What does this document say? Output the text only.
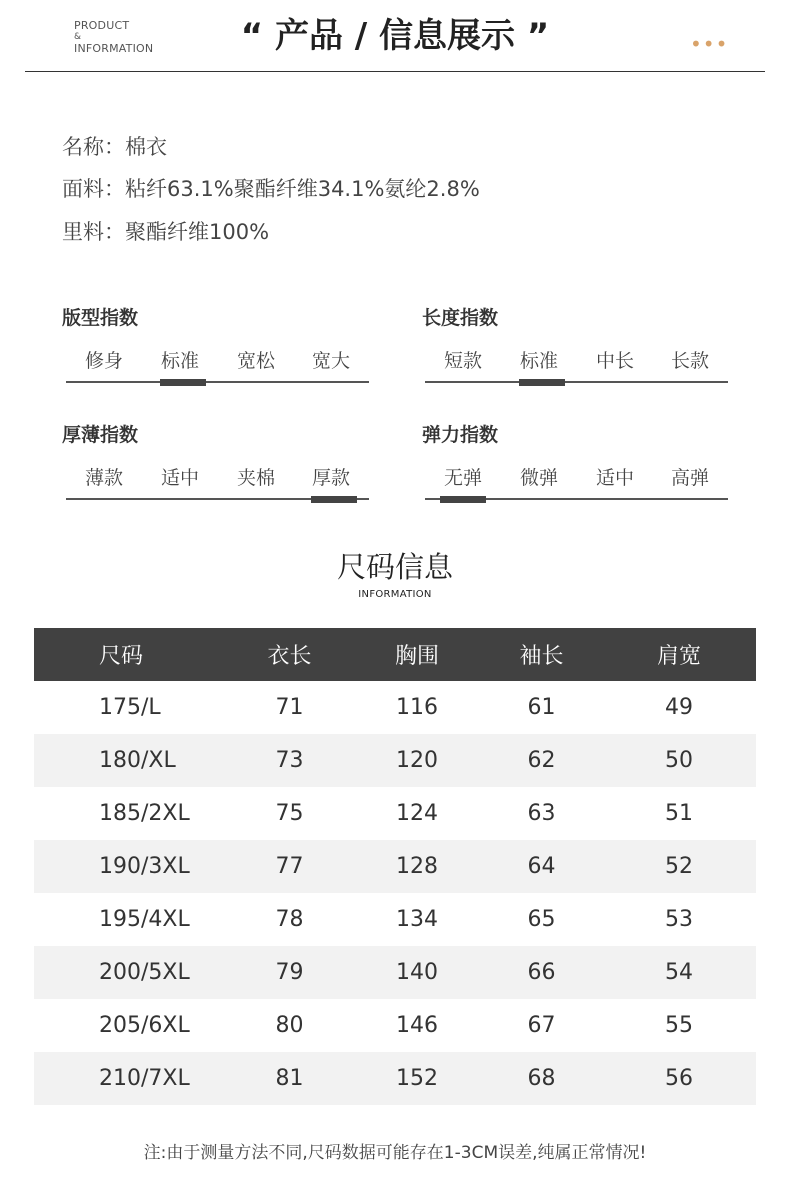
PRODUCT
&
INFORMATION	“ 产品 / 信息展示 ”	•••
名称：棉衣
面料：粘纤63.1%聚酯纤维34.1%氨纶2.8%
里料：聚酯纤维100%
版型指数
修身	标准	宽松	宽大
长度指数
短款	标准	中长	长款
厚薄指数
薄款	适中	夹棉	厚款
弹力指数
无弹	微弹	适中	高弹
尺码信息
INFORMATION
尺码	衣长	胸围	袖长	肩宽
175/L	71	116	61	49
180/XL	73	120	62	50
185/2XL	75	124	63	51
190/3XL	77	128	64	52
195/4XL	78	134	65	53
200/5XL	79	140	66	54
205/6XL	80	146	67	55
210/7XL	81	152	68	56
注:由于测量方法不同,尺码数据可能存在1-3CM误差,纯属正常情况!
